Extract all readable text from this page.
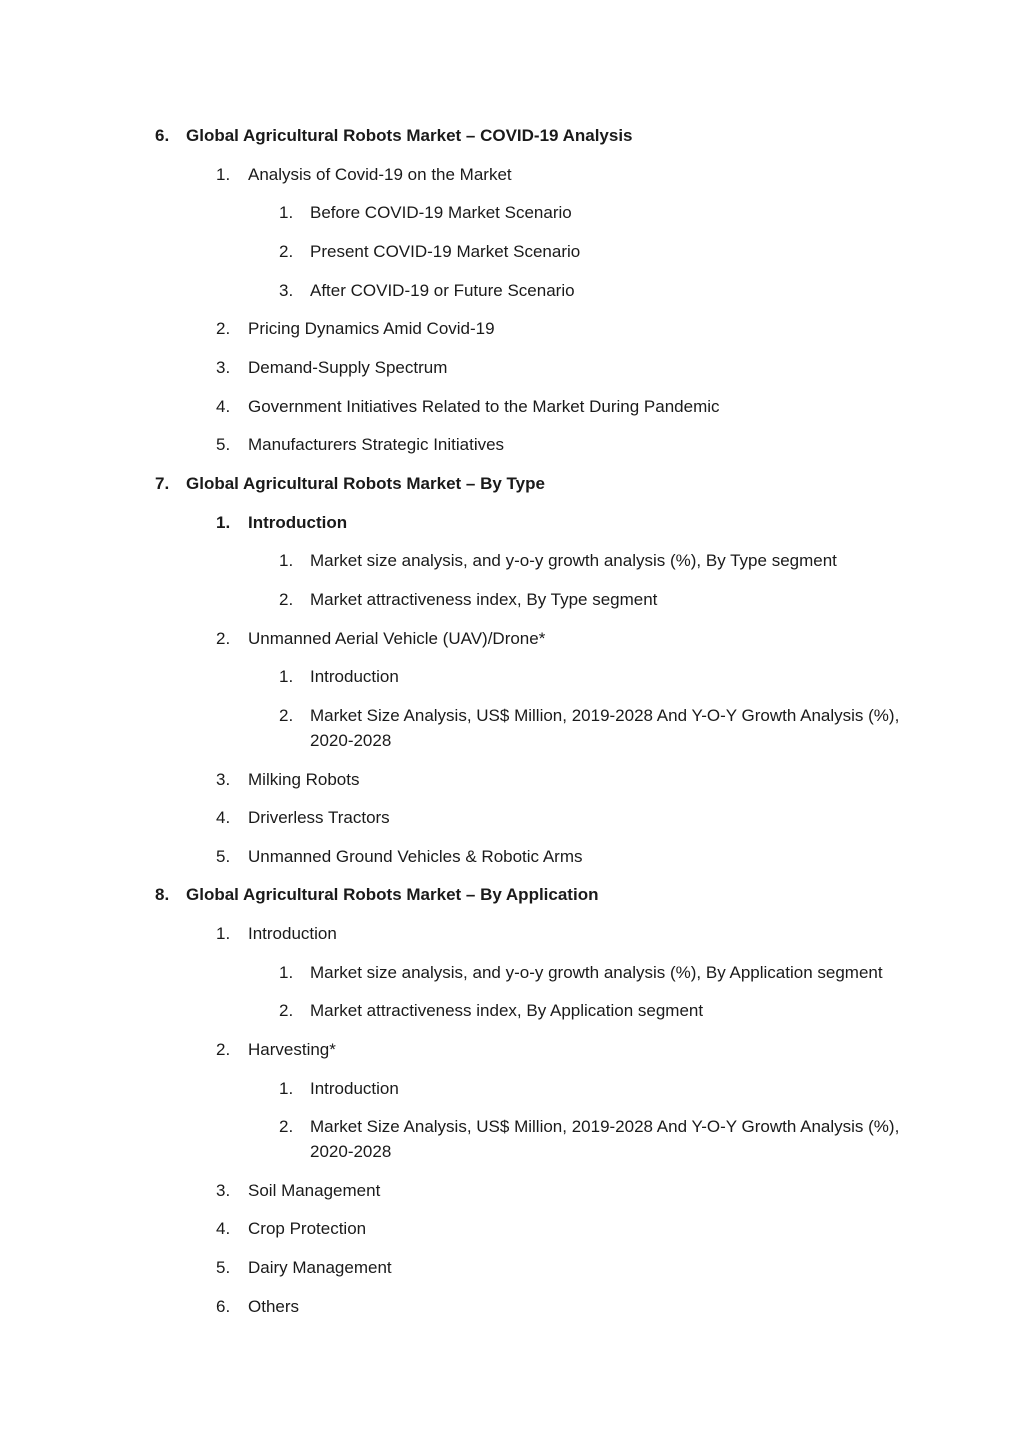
6. Global Agricultural Robots Market – COVID-19 Analysis
1. Analysis of Covid-19 on the Market
1. Before COVID-19 Market Scenario
2. Present COVID-19 Market Scenario
3. After COVID-19 or Future Scenario
2. Pricing Dynamics Amid Covid-19
3. Demand-Supply Spectrum
4. Government Initiatives Related to the Market During Pandemic
5. Manufacturers Strategic Initiatives
7. Global Agricultural Robots Market – By Type
1. Introduction
1. Market size analysis, and y-o-y growth analysis (%), By Type segment
2. Market attractiveness index, By Type segment
2. Unmanned Aerial Vehicle (UAV)/Drone*
1. Introduction
2. Market Size Analysis, US$ Million, 2019-2028 And Y-O-Y Growth Analysis (%),
2020-2028
3. Milking Robots
4. Driverless Tractors
5. Unmanned Ground Vehicles & Robotic Arms
8. Global Agricultural Robots Market – By Application
1. Introduction
1. Market size analysis, and y-o-y growth analysis (%), By Application segment
2. Market attractiveness index, By Application segment
2. Harvesting*
1. Introduction
2. Market Size Analysis, US$ Million, 2019-2028 And Y-O-Y Growth Analysis (%),
2020-2028
3. Soil Management
4. Crop Protection
5. Dairy Management
6. Others
